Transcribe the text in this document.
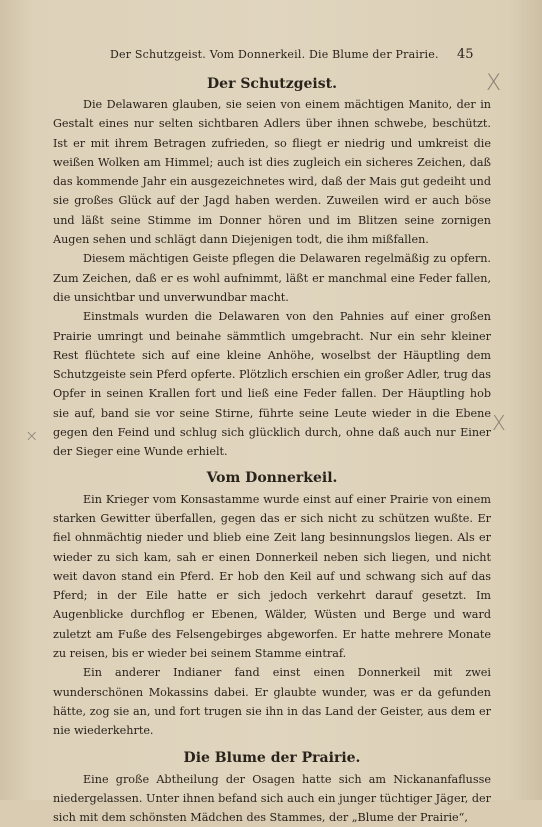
Der Schutzgeist. Vom Donnerkeil. Die Blume der Prairie. 45
X
×
X
Der Schutzgeist.

Die Delawaren glauben, sie seien von einem mächtigen Manito, der in Gestalt eines nur selten sichtbaren Adlers über ihnen schwebe, beschützt. Ist er mit ihrem Betragen zufrieden, so fliegt er niedrig und umkreist die weißen Wolken am Himmel; auch ist dies zugleich ein sicheres Zeichen, daß das kommende Jahr ein ausgezeichnetes wird, daß der Mais gut gedeiht und sie großes Glück auf der Jagd haben werden. Zuweilen wird er auch böse und läßt seine Stimme im Donner hören und im Blitzen seine zornigen Augen sehen und schlägt dann Diejenigen todt, die ihm mißfallen.

Diesem mächtigen Geiste pflegen die Delawaren regelmäßig zu opfern. Zum Zeichen, daß er es wohl aufnimmt, läßt er manchmal eine Feder fallen, die unsichtbar und unverwundbar macht.

Einstmals wurden die Delawaren von den Pahnies auf einer großen Prairie umringt und beinahe sämmtlich umgebracht. Nur ein sehr kleiner Rest flüchtete sich auf eine kleine Anhöhe, woselbst der Häuptling dem Schutzgeiste sein Pferd opferte. Plötzlich erschien ein großer Adler, trug das Opfer in seinen Krallen fort und ließ eine Feder fallen. Der Häuptling hob sie auf, band sie vor seine Stirne, führte seine Leute wieder in die Ebene gegen den Feind und schlug sich glücklich durch, ohne daß auch nur Einer der Sieger eine Wunde erhielt.

Vom Donnerkeil.

Ein Krieger vom Konsastamme wurde einst auf einer Prairie von einem starken Gewitter überfallen, gegen das er sich nicht zu schützen wußte. Er fiel ohnmächtig nieder und blieb eine Zeit lang besinnungslos liegen. Als er wieder zu sich kam, sah er einen Donnerkeil neben sich liegen, und nicht weit davon stand ein Pferd. Er hob den Keil auf und schwang sich auf das Pferd; in der Eile hatte er sich jedoch verkehrt darauf gesetzt. Im Augenblicke durchflog er Ebenen, Wälder, Wüsten und Berge und ward zuletzt am Fuße des Felsengebirges abgeworfen. Er hatte mehrere Monate zu reisen, bis er wieder bei seinem Stamme eintraf.

Ein anderer Indianer fand einst einen Donnerkeil mit zwei wunderschönen Mokassins dabei. Er glaubte wunder, was er da gefunden hätte, zog sie an, und fort trugen sie ihn in das Land der Geister, aus dem er nie wiederkehrte.

Die Blume der Prairie.

Eine große Abtheilung der Osagen hatte sich am Nickananfaflusse niedergelassen. Unter ihnen befand sich auch ein junger tüchtiger Jäger, der sich mit dem schönsten Mädchen des Stammes, der „Blume der Prairie“,
